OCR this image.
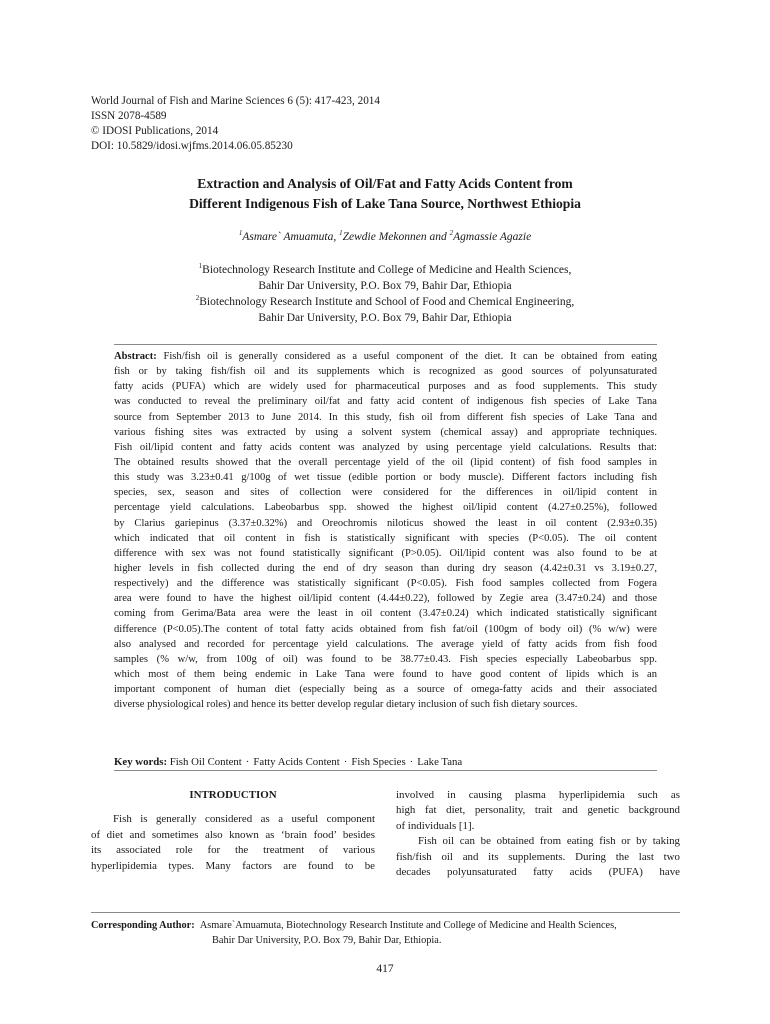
World Journal of Fish and Marine Sciences 6 (5): 417-423, 2014
ISSN 2078-4589
© IDOSI Publications, 2014
DOI: 10.5829/idosi.wjfms.2014.06.05.85230
Extraction and Analysis of Oil/Fat and Fatty Acids Content from
Different Indigenous Fish of Lake Tana Source, Northwest Ethiopia
$^1$Asmare` Amuamuta, $^1$Zewdie Mekonnen and $^2$Agmassie Agazie
$^1$Biotechnology Research Institute and College of Medicine and Health Sciences,
Bahir Dar University, P.O. Box 79, Bahir Dar, Ethiopia
$^2$Biotechnology Research Institute and School of Food and Chemical Engineering,
Bahir Dar University, P.O. Box 79, Bahir Dar, Ethiopia
Abstract: Fish/fish oil is generally considered as a useful component of the diet. It can be obtained from eating
fish or by taking fish/fish oil and its supplements which is recognized as good sources of polyunsaturated
fatty acids (PUFA) which are widely used for pharmaceutical purposes and as food supplements. This study
was conducted to reveal the preliminary oil/fat and fatty acid content of indigenous fish species of Lake Tana
source from September 2013 to June 2014. In this study, fish oil from different fish species of Lake Tana and
various fishing sites was extracted by using a solvent system (chemical assay) and appropriate techniques.
Fish oil/lipid content and fatty acids content was analyzed by using percentage yield calculations. Results that:
The obtained results showed that the overall percentage yield of the oil (lipid content) of fish food samples in
this study was 3.23±0.41 g/100g of wet tissue (edible portion or body muscle). Different factors including fish
species, sex, season and sites of collection were considered for the differences in oil/lipid content in
percentage yield calculations. Labeobarbus spp. showed the highest oil/lipid content (4.27±0.25%), followed
by Clarius gariepinus (3.37±0.32%) and Oreochromis niloticus showed the least in oil content (2.93±0.35)
which indicated that oil content in fish is statistically significant with species (P<0.05). The oil content
difference with sex was not found statistically significant (P>0.05). Oil/lipid content was also found to be at
higher levels in fish collected during the end of dry season than during dry season (4.42±0.31 vs 3.19±0.27,
respectively) and the difference was statistically significant (P<0.05). Fish food samples collected from Fogera
area were found to have the highest oil/lipid content (4.44±0.22), followed by Zegie area (3.47±0.24) and those
coming from Gerima/Bata area were the least in oil content (3.47±0.24) which indicated statistically significant
difference (P<0.05).The content of total fatty acids obtained from fish fat/oil (100gm of body oil) (% w/w) were
also analysed and recorded for percentage yield calculations. The average yield of fatty acids from fish food
samples (% w/w, from 100g of oil) was found to be 38.77±0.43. Fish species especially Labeobarbus spp.
which most of them being endemic in Lake Tana were found to have good content of lipids which is an
important component of human diet (especially being as a source of omega-fatty acids and their associated
diverse physiological roles) and hence its better develop regular dietary inclusion of such fish dietary sources.
Key words: Fish Oil Content · Fatty Acids Content · Fish Species · Lake Tana
INTRODUCTION
Fish is generally considered as a useful component
of diet and sometimes also known as ‘brain food’ besides
its associated role for the treatment of various
hyperlipidemia types. Many factors are found to be
involved in causing plasma hyperlipidemia such as
high fat diet, personality, trait and genetic background
of individuals [1].
Fish oil can be obtained from eating fish or by taking
fish/fish oil and its supplements. During the last two
decades polyunsaturated fatty acids (PUFA) have
Corresponding Author: Asmare`Amuamuta, Biotechnology Research Institute and College of Medicine and Health Sciences,
Bahir Dar University, P.O. Box 79, Bahir Dar, Ethiopia.
417
